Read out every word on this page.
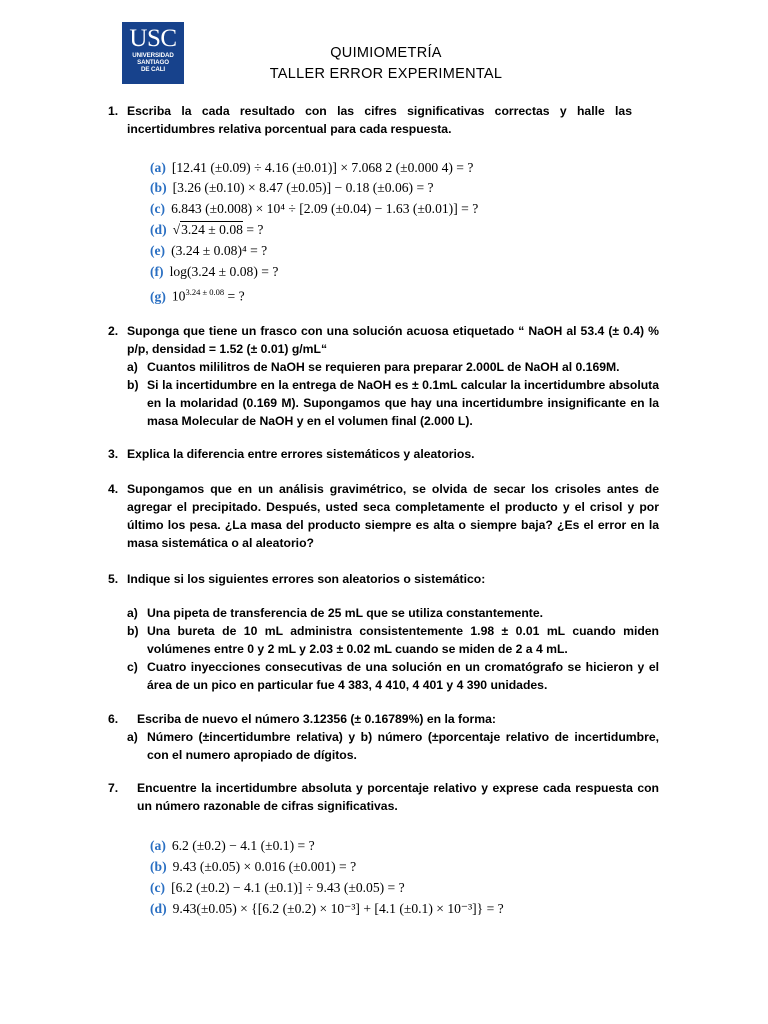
USC
UNIVERSIDAD
SANTIAGO
DE CALI
QUIMIOMETRÍA
TALLER ERROR EXPERIMENTAL
1. Escriba la cada resultado con las cifres significativas correctas y halle las incertidumbres relativa porcentual para cada respuesta.
(a) [12.41 (±0.09) ÷ 4.16 (±0.01)] × 7.068 2 (±0.000 4) = ?
(b) [3.26 (±0.10) × 8.47 (±0.05)] − 0.18 (±0.06) = ?
(c) 6.843 (±0.008) × 10⁴ ÷ [2.09 (±0.04) − 1.63 (±0.01)] = ?
(d) √3.24 ± 0.08 = ?
(e) (3.24 ± 0.08)⁴ = ?
(f) log(3.24 ± 0.08) = ?
(g) $10^{3.24 \pm 0.08}$ = ?
2. Suponga que tiene un frasco con una solución acuosa etiquetado “ NaOH al 53.4 (± 0.4) % p/p, densidad = 1.52 (± 0.01) g/mL“
a) Cuantos mililitros de NaOH se requieren para preparar 2.000L de NaOH al 0.169M.
b) Si la incertidumbre en la entrega de NaOH es ± 0.1mL calcular la incertidumbre absoluta en la molaridad (0.169 M). Supongamos que hay una incertidumbre insignificante en la masa Molecular de NaOH y en el volumen final (2.000 L).
3. Explica la diferencia entre errores sistemáticos y aleatorios.
4. Supongamos que en un análisis gravimétrico, se olvida de secar los crisoles antes de agregar el precipitado. Después, usted seca completamente el producto y el crisol y por último los pesa. ¿La masa del producto siempre es alta o siempre baja? ¿Es el error en la masa sistemática o al aleatorio?
5. Indique si los siguientes errores son aleatorios o sistemático:
a) Una pipeta de transferencia de 25 mL que se utiliza constantemente.
b) Una bureta de 10 mL administra consistentemente 1.98 ± 0.01 mL cuando miden volúmenes entre 0 y 2 mL y 2.03 ± 0.02 mL cuando se miden de 2 a 4 mL.
c) Cuatro inyecciones consecutivas de una solución en un cromatógrafo se hicieron y el área de un pico en particular fue 4 383, 4 410, 4 401 y 4 390 unidades.
6. Escriba de nuevo el número 3.12356 (± 0.16789%) en la forma:
a) Número (±incertidumbre relativa) y b) número (±porcentaje relativo de incertidumbre, con el numero apropiado de dígitos.
7. Encuentre la incertidumbre absoluta y porcentaje relativo y exprese cada respuesta con un número razonable de cifras significativas.
(a) 6.2 (±0.2) − 4.1 (±0.1) = ?
(b) 9.43 (±0.05) × 0.016 (±0.001) = ?
(c) [6.2 (±0.2) − 4.1 (±0.1)] ÷ 9.43 (±0.05) = ?
(d) 9.43(±0.05) × {[6.2 (±0.2) × 10⁻³] + [4.1 (±0.1) × 10⁻³]} = ?
